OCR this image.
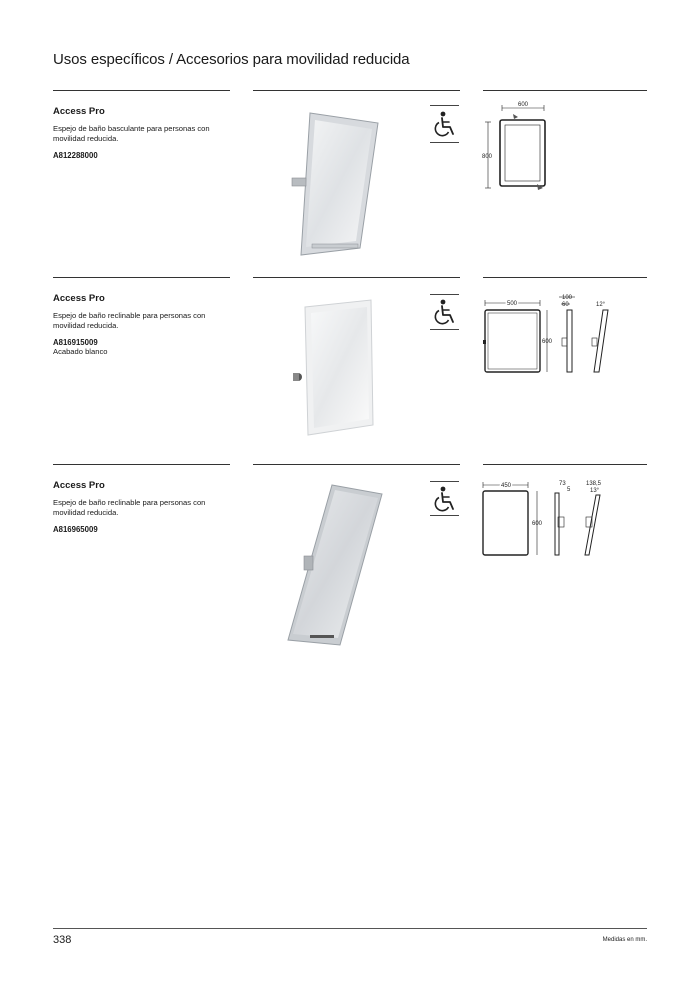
Usos específicos / Accesorios para movilidad reducida
Access Pro
Espejo de baño basculante para personas con movilidad reducida.
A812288000
600
800
Access Pro
Espejo de baño reclinable para personas con movilidad reducida.
A816915009
Acabado blanco
500
600
100
60	12°
Access Pro
Espejo de baño reclinable para personas con movilidad reducida.
A816965009
450
600
73
5
138,5
13°
338	Medidas en mm.
